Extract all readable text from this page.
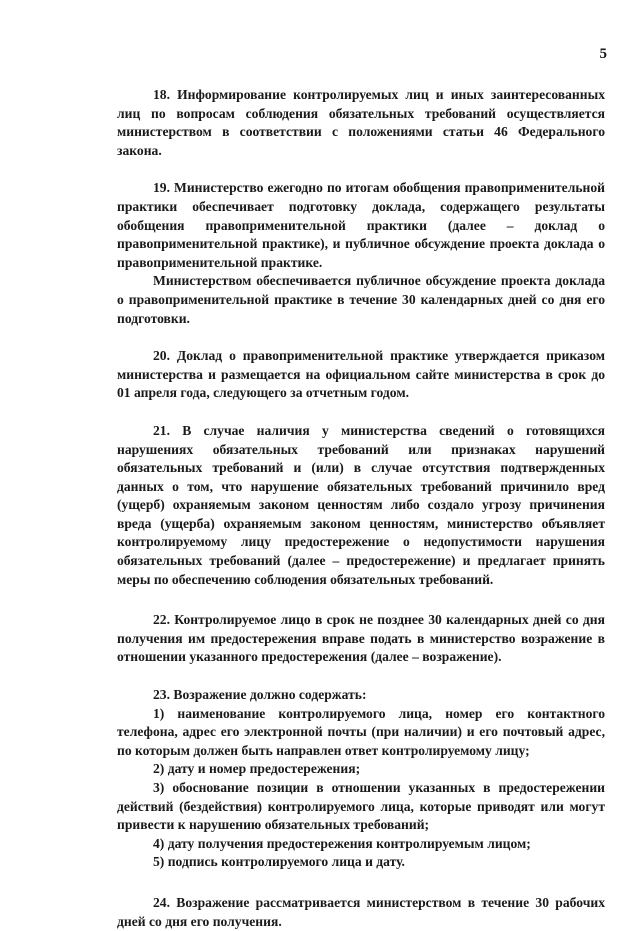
5

18. Информирование контролируемых лиц и иных заинтересованных лиц по вопросам соблюдения обязательных требований осуществляется министерством в соответствии с положениями статьи 46 Федерального закона.

19. Министерство ежегодно по итогам обобщения правоприменительной практики обеспечивает подготовку доклада, содержащего результаты обобщения правоприменительной практики (далее – доклад о правоприменительной практике), и публичное обсуждение проекта доклада о правоприменительной практике.

Министерством обеспечивается публичное обсуждение проекта доклада о правоприменительной практике в течение 30 календарных дней со дня его подготовки.

20. Доклад о правоприменительной практике утверждается приказом министерства и размещается на официальном сайте министерства в срок до 01 апреля года, следующего за отчетным годом.

21. В случае наличия у министерства сведений о готовящихся нарушениях обязательных требований или признаках нарушений обязательных требований и (или) в случае отсутствия подтвержденных данных о том, что нарушение обязательных требований причинило вред (ущерб) охраняемым законом ценностям либо создало угрозу причинения вреда (ущерба) охраняемым законом ценностям, министерство объявляет контролируемому лицу предостережение о недопустимости нарушения обязательных требований (далее – предостережение) и предлагает принять меры по обеспечению соблюдения обязательных требований.

22. Контролируемое лицо в срок не позднее 30 календарных дней со дня получения им предостережения вправе подать в министерство возражение в отношении указанного предостережения (далее – возражение).

23. Возражение должно содержать:

1) наименование контролируемого лица, номер его контактного телефона, адрес его электронной почты (при наличии) и его почтовый адрес, по которым должен быть направлен ответ контролируемому лицу;

2) дату и номер предостережения;

3) обоснование позиции в отношении указанных в предостережении действий (бездействия) контролируемого лица, которые приводят или могут привести к нарушению обязательных требований;

4) дату получения предостережения контролируемым лицом;

5) подпись контролируемого лица и дату.

24. Возражение рассматривается министерством в течение 30 рабочих дней со дня его получения.
